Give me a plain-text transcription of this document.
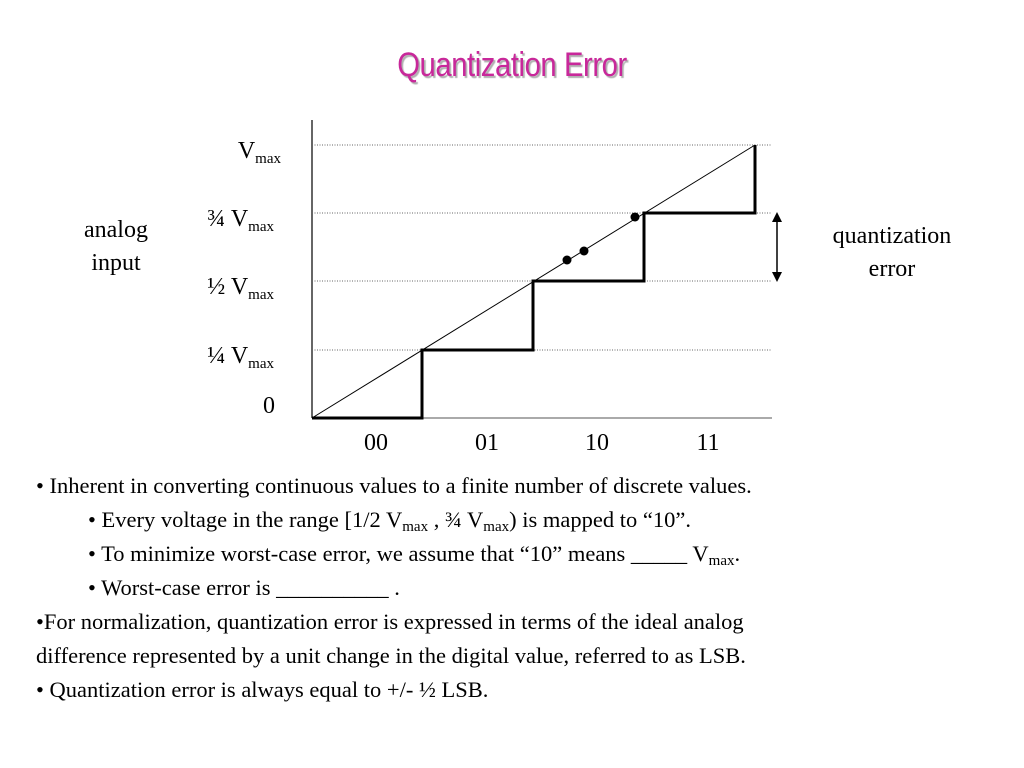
Quantization Error
$V_{max}$
¾ $V_{max}$
½ $V_{max}$
¼ $V_{max}$
0
analog
input
00	01	10	11
quantization
error
• Inherent in converting continuous values to a finite number of discrete values.
• Every voltage in the range [1/2 $V_{max}$ , ¾ $V_{max}$) is mapped to “10”.
• To minimize worst-case error, we assume that “10” means _____ $V_{max}$.
• Worst-case error is __________ .
•For normalization, quantization error is expressed in terms of the ideal analog
difference represented by a unit change in the digital value, referred to as LSB.
• Quantization error is always equal to +/- ½ LSB.
